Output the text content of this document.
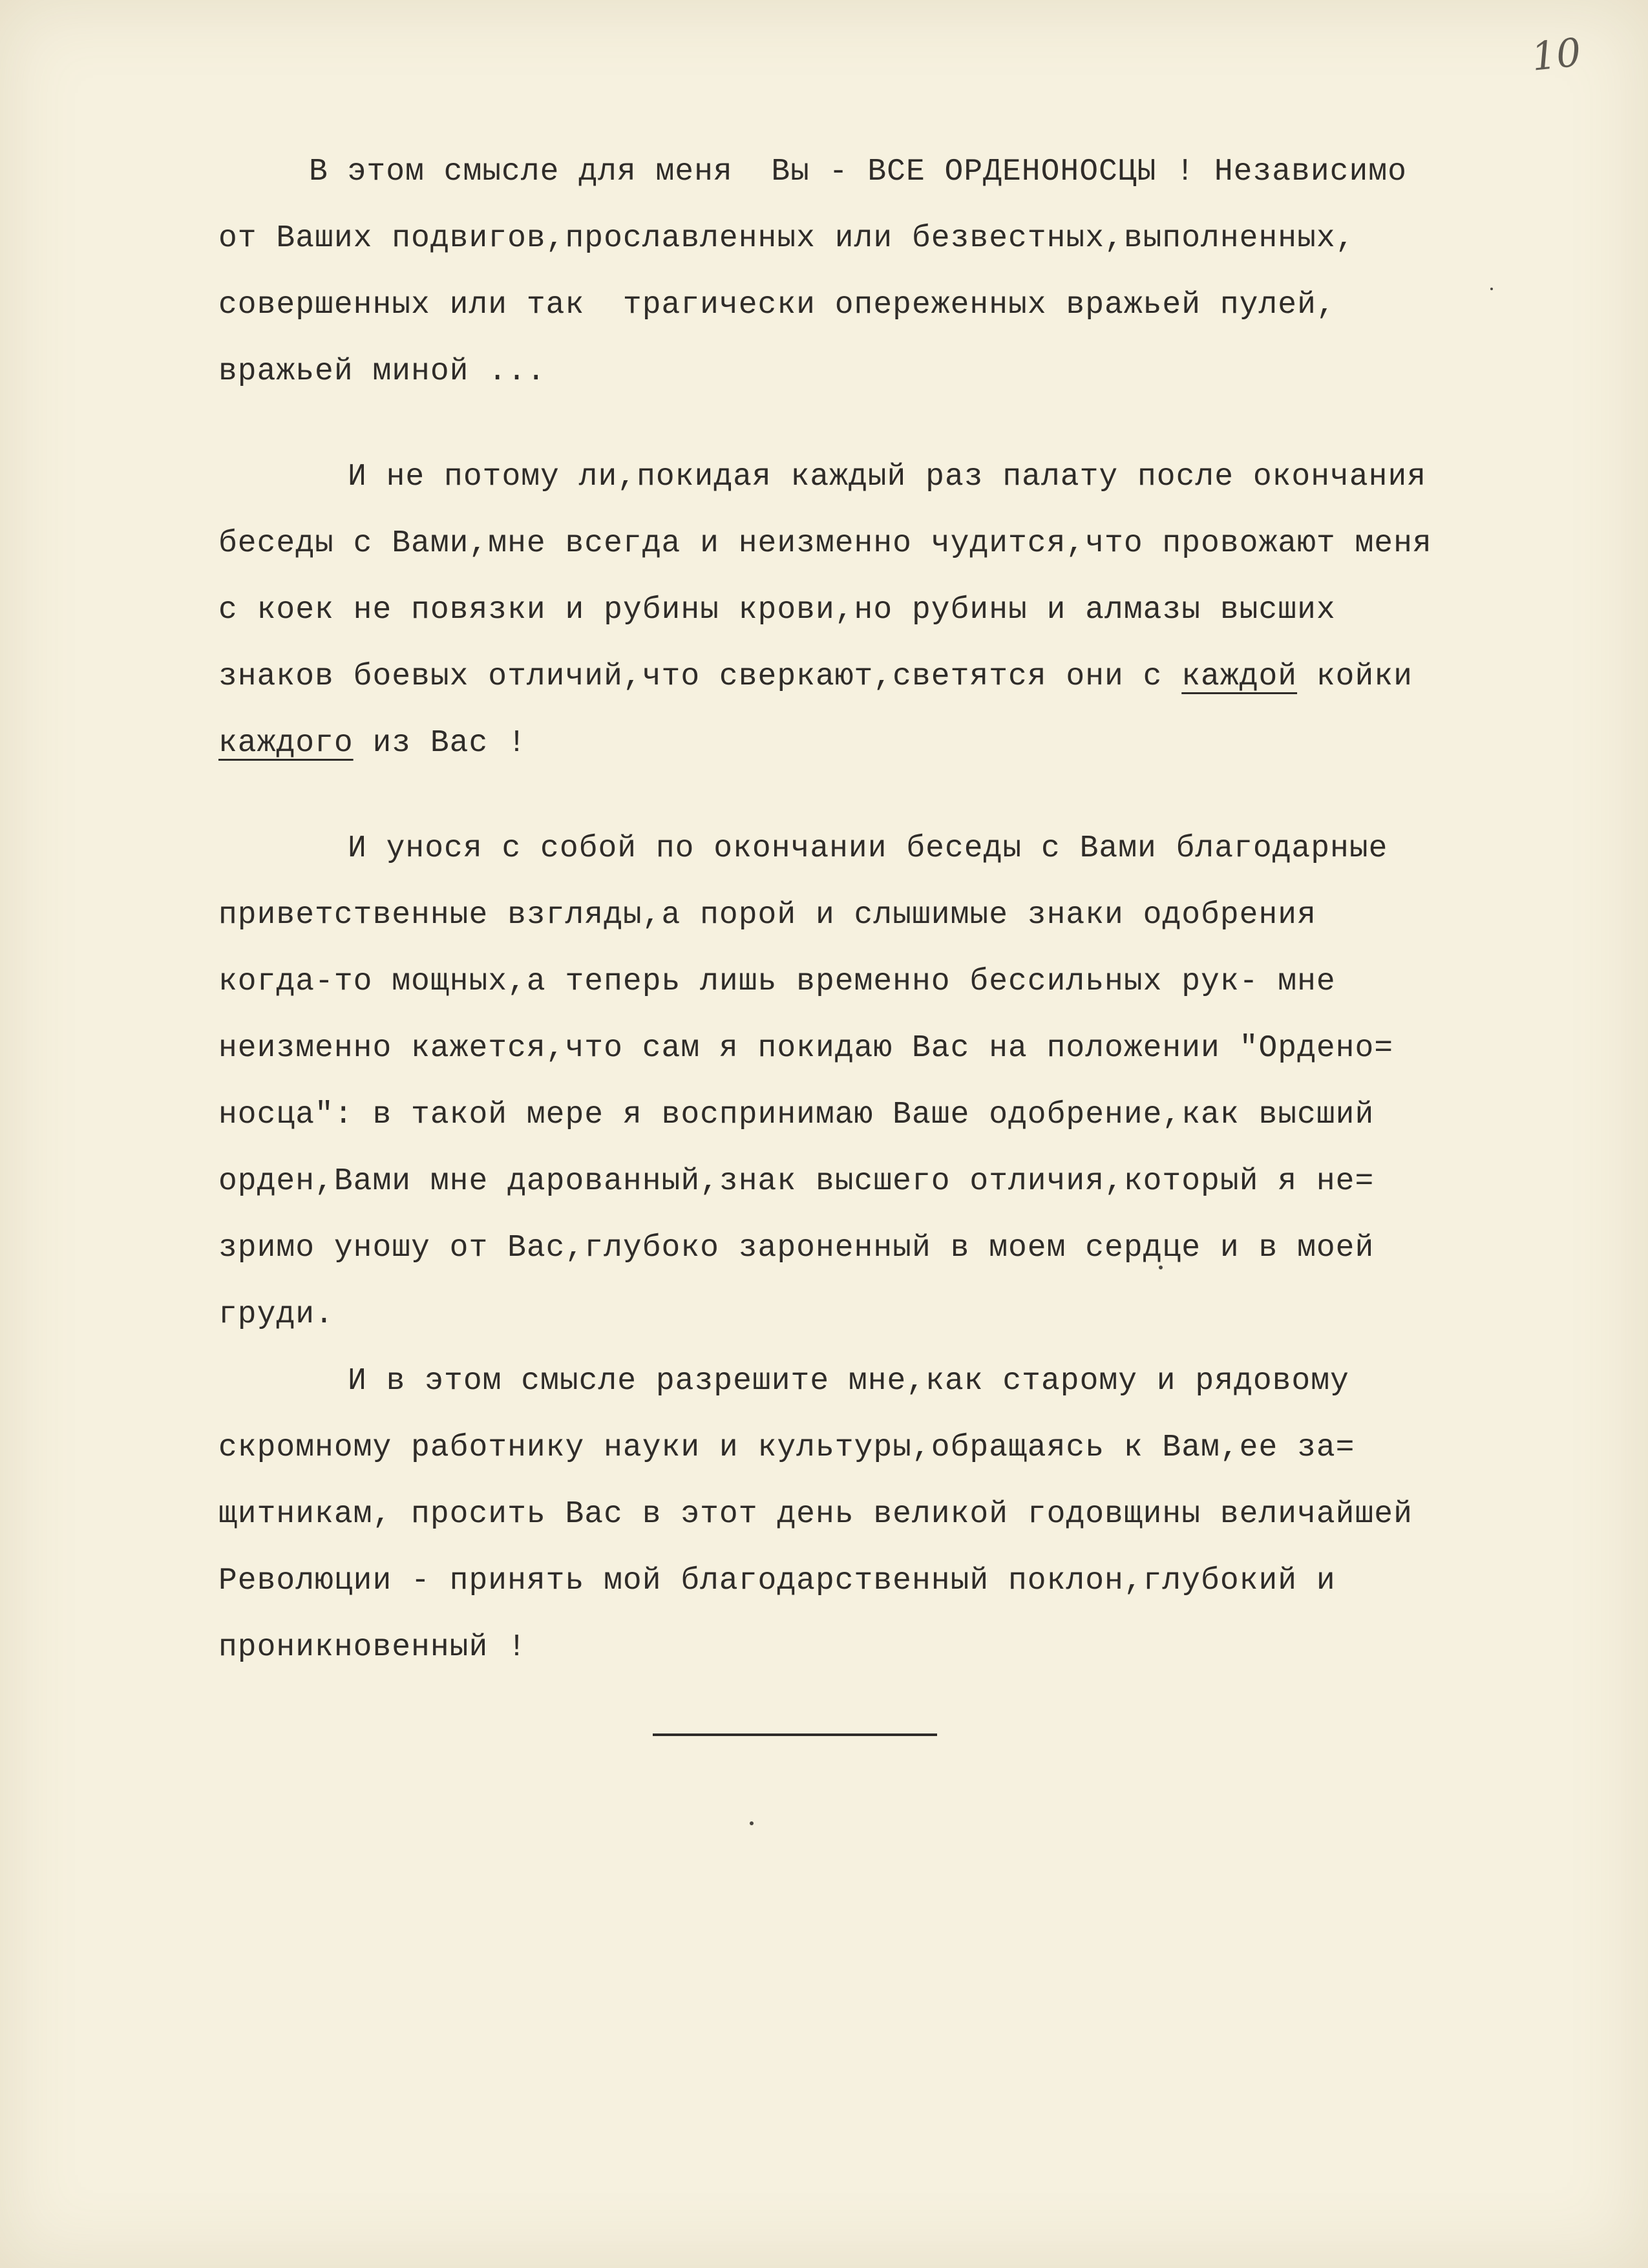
10
В этом смысле для меня  Вы - ВСЕ ОРДЕНОНОСЦЫ ! Независимо
от Ваших подвигов,прославленных или безвестных,выполненных,
совершенных или так  трагически опереженных вражьей пулей,
вражьей миной ...
И не потому ли,покидая каждый раз палату после окончания
беседы с Вами,мне всегда и неизменно чудится,что провожают меня
с коек не повязки и рубины крови,но рубины и алмазы высших
знаков боевых отличий,что сверкают,светятся они с каждой койки
каждого из Вас !
И унося с собой по окончании беседы с Вами благодарные
приветственные взгляды,а порой и слышимые знаки одобрения
когда-то мощных,а теперь лишь временно бессильных рук- мне
неизменно кажется,что сам я покидаю Вас на положении "Ордено=
носца": в такой мере я воспринимаю Ваше одобрение,как высший
орден,Вами мне дарованный,знак высшего отличия,который я не=
зримо уношу от Вас,глубоко зароненный в моем сердце и в моей
груди.
И в этом смысле разрешите мне,как старому и рядовому
скромному работнику науки и культуры,обращаясь к Вам,ее за=
щитникам, просить Вас в этот день великой годовщины величайшей
Революции - принять мой благодарственный поклон,глубокий и
проникновенный !
